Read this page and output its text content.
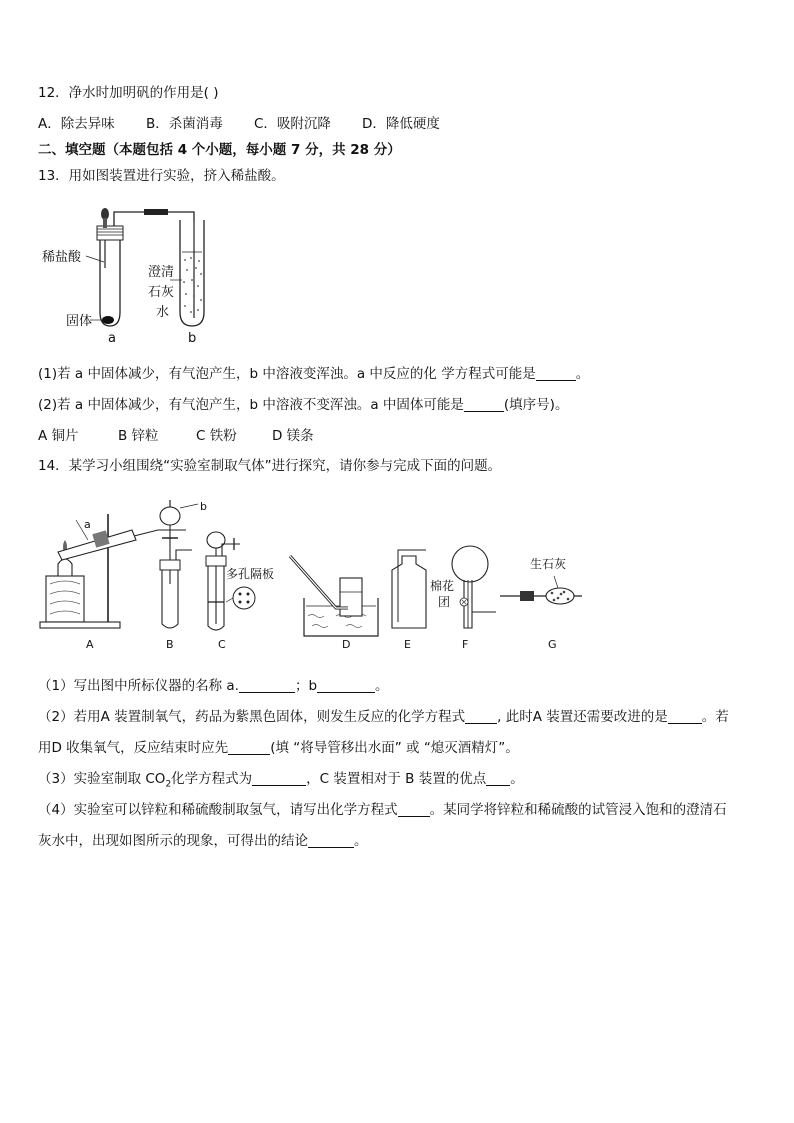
12．净水时加明矾的作用是( )
A．除去异味 B．杀菌消毒 C．吸附沉降 D．降低硬度
二、填空题（本题包括 4 个小题，每小题 7 分，共 28 分）
13．用如图装置进行实验，挤入稀盐酸。
稀盐酸
固体
澄清
石灰
水
a	b
(1)若 a 中固体减少，有气泡产生，b 中溶液变浑浊。a 中反应的化 学方程式可能是	。
(2)若 a 中固体减少，有气泡产生，b 中溶液不变浑浊。a 中固体可能是	(填序号)。
A 铜片	B 锌粒	C 铁粉	D 镁条
14．某学习小组围绕“实验室制取气体”进行探究，请你参与完成下面的问题。
a
b
多孔隔板
棉花
团
生石灰
A	B	C	D	E	F	G
（1）写出图中所标仪器的名称 a.	；b	。
（2）若用A 装置制氧气，药品为紫黑色固体，则发生反应的化学方程式 , 此时A 装置还需要改进的是	。若
用D 收集氧气，反应结束时应先	(填 “将导管移出水面” 或 “熄灭酒精灯”。
（3）实验室制取 $CO_2$化学方程式为	，C 装置相对于 B 装置的优点 。
（4）实验室可以锌粒和稀硫酸制取氢气，请写出化学方程式 。某同学将锌粒和稀硫酸的试管浸入饱和的澄清石
灰水中，出现如图所示的现象，可得出的结论	。
